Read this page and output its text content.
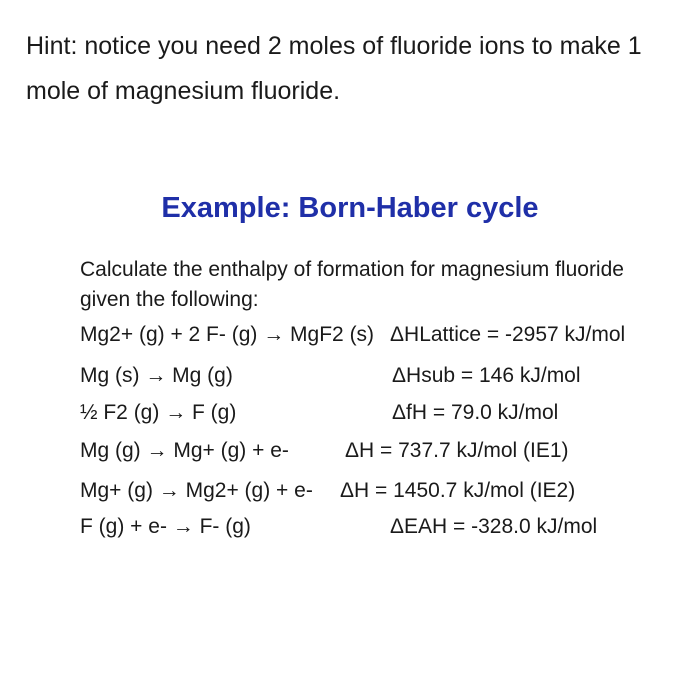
Hint: notice you need 2 moles of fluoride ions to make 1 mole of magnesium fluoride.
Example: Born-Haber cycle
Calculate the enthalpy of formation for magnesium fluoride given the following:
Mg2+ (g) + 2 F- (g) → MgF2 (s) ΔHLattice = -2957 kJ/mol
Mg (s) → Mg (g)	ΔHsub = 146 kJ/mol
½ F2 (g) → F (g)	ΔfH = 79.0 kJ/mol
Mg (g) → Mg+ (g) + e-	ΔH = 737.7 kJ/mol (IE1)
Mg+ (g) → Mg2+ (g) + e- ΔH = 1450.7 kJ/mol (IE2)
F (g) + e- → F- (g)	ΔEAH = -328.0 kJ/mol
